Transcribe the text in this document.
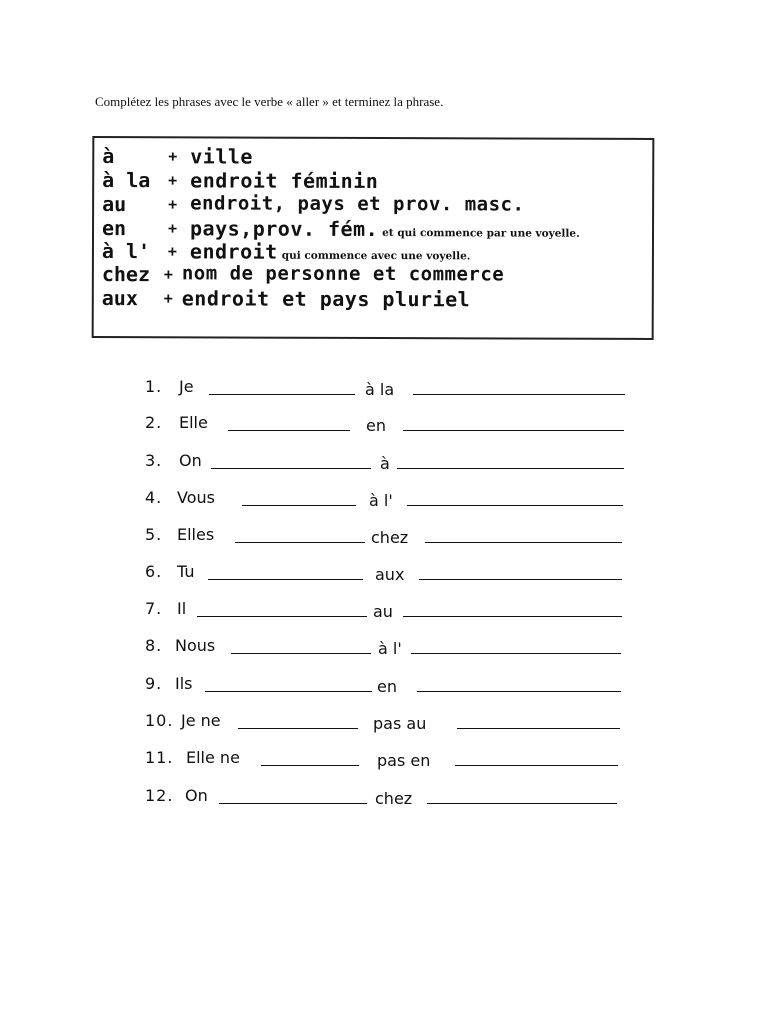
Complétez les phrases avec le verbe « aller » et terminez la phrase.
à	+ ville
à la + endroit féminin
au	+ endroit, pays et prov. masc.
en	+ pays,prov. fém. et qui commence par une voyelle.
à l' + endroit qui commence avec une voyelle.
chez + nom de personne et commerce
aux + endroit et pays pluriel
1. Je	à la
2. Elle	en
3. On	à
4. Vous	à l'
5. Elles	chez
6. Tu	aux
7. Il	au
8. Nous	à l'
9. Ils	en
10. Je ne	pas au
11. Elle ne	pas en
12. On	chez
